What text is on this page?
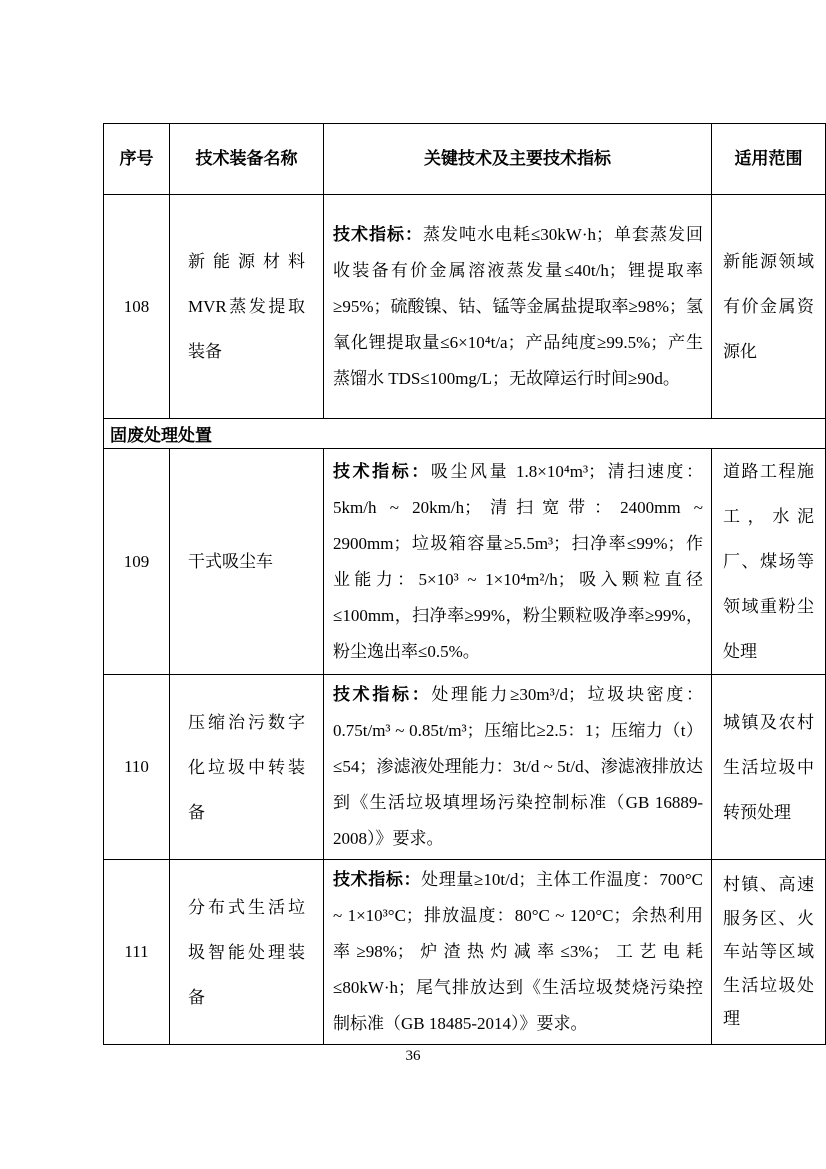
序号	技术装备名称	关键技术及主要技术指标	适用范围
108	新能源材料MVR蒸发提取装备	技术指标：蒸发吨水电耗≤30kW·h；单套蒸发回收装备有价金属溶液蒸发量≤40t/h；锂提取率≥95%；硫酸镍、钴、锰等金属盐提取率≥98%；氢氧化锂提取量≤6×10⁴t/a；产品纯度≥99.5%；产生蒸馏水 TDS≤100mg/L；无故障运行时间≥90d。	新能源领域有价金属资源化
固废处理处置			
109	干式吸尘车	技术指标：吸尘风量 1.8×10⁴m³；清扫速度：5km/h ~ 20km/h；清扫宽带：2400mm ~ 2900mm；垃圾箱容量≥5.5m³；扫净率≤99%；作业能力：5×10³ ~ 1×10⁴m²/h；吸入颗粒直径≤100mm，扫净率≥99%，粉尘颗粒吸净率≥99%，粉尘逸出率≤0.5%。	道路工程施工，水泥厂、煤场等领域重粉尘处理
110	压缩治污数字化垃圾中转装备	技术指标：处理能力≥30m³/d；垃圾块密度：0.75t/m³ ~ 0.85t/m³；压缩比≥2.5：1；压缩力（t）≤54；渗滤液处理能力：3t/d ~ 5t/d、渗滤液排放达到《生活垃圾填埋场污染控制标准（GB 16889-2008）》要求。	城镇及农村生活垃圾中转预处理
111	分布式生活垃圾智能处理装备	技术指标：处理量≥10t/d；主体工作温度：700°C ~ 1×10³°C；排放温度：80°C ~ 120°C；余热利用率≥98%；炉渣热灼减率≤3%；工艺电耗≤80kW·h；尾气排放达到《生活垃圾焚烧污染控制标准（GB 18485-2014）》要求。	村镇、高速服务区、火车站等区域生活垃圾处理
36
